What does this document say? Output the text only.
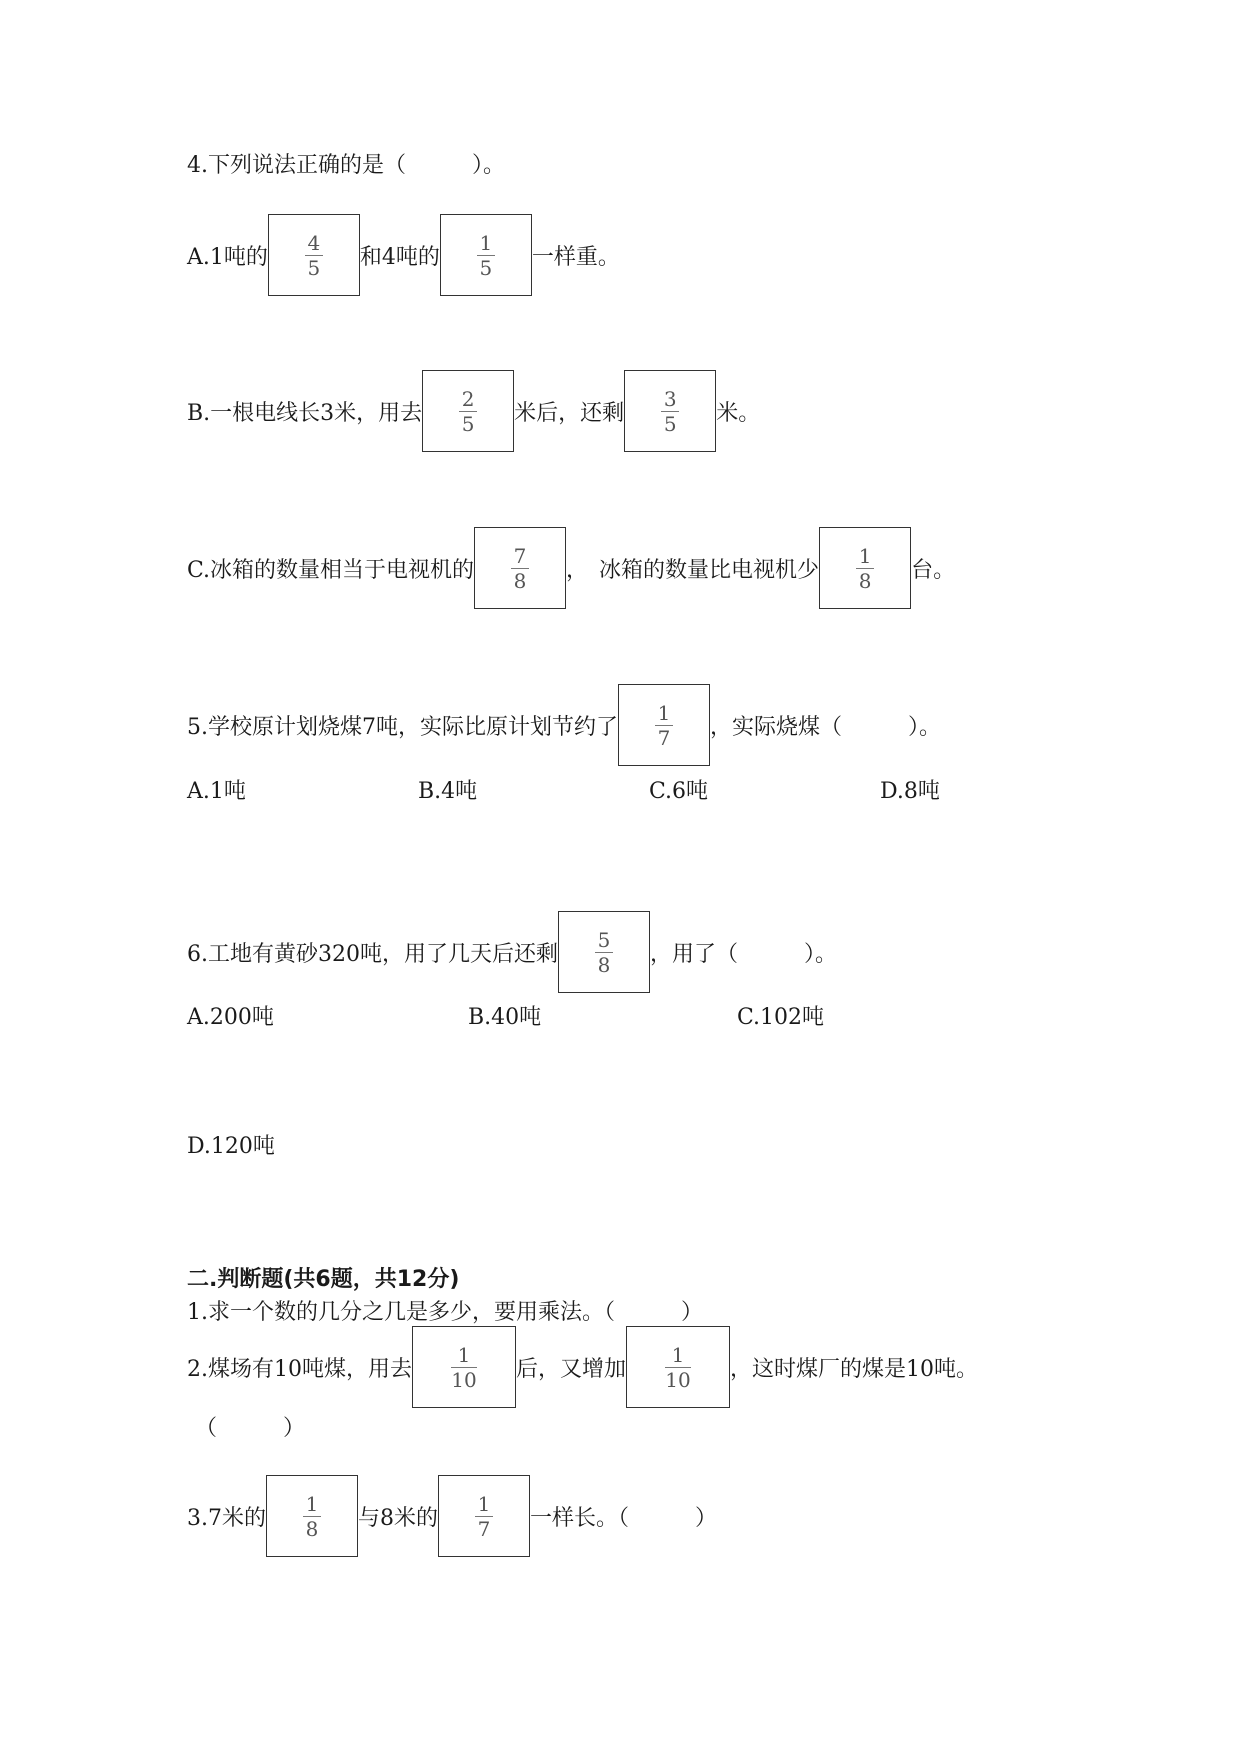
4.下列说法正确的是（　　　）。
A.1吨的 $\frac{4}{5}$ 和4吨的 $\frac{1}{5}$ 一样重。
B.一根电线长3米，用去 $\frac{2}{5}$ 米后，还剩 $\frac{3}{5}$ 米。
C.冰箱的数量相当于电视机的 $\frac{7}{8}$ ，　冰箱的数量比电视机少 $\frac{1}{8}$ 台。
5.学校原计划烧煤7吨，实际比原计划节约了 $\frac{1}{7}$ ，实际烧煤（　　　）。
A.1吨	B.4吨	C.6吨	D.8吨
6.工地有黄砂320吨，用了几天后还剩 $\frac{5}{8}$ ，用了（　　　）。
A.200吨	B.40吨	C.102吨
D.120吨
二.判断题(共6题，共12分)
1.求一个数的几分之几是多少，要用乘法。（　　　）
2.煤场有10吨煤，用去 $\frac{1}{10}$ 后，又增加 $\frac{1}{10}$ ，这时煤厂的煤是10吨。
（　　　）
3.7米的 $\frac{1}{8}$ 与8米的 $\frac{1}{7}$ 一样长。（　　　）
